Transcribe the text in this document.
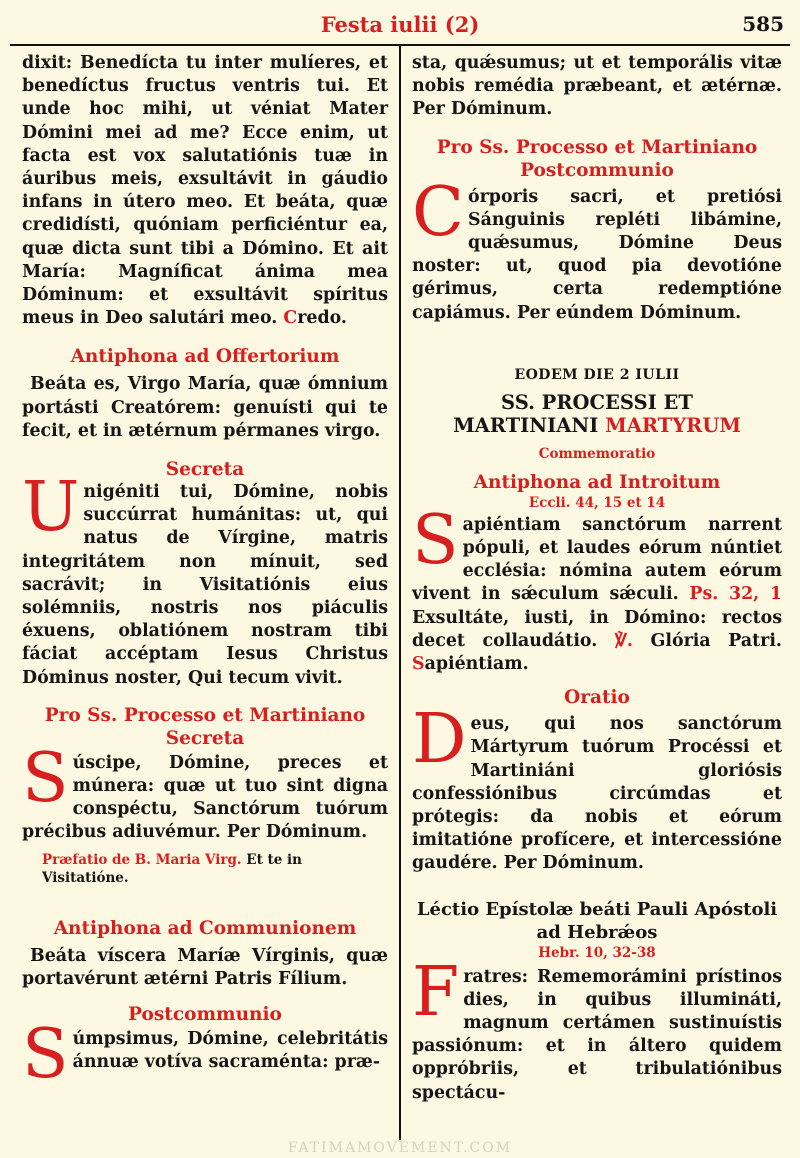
Festa iulii (2)	585

dixit: Benedícta tu inter mulíeres, et benedíctus fructus ventris tui. Et unde hoc mihi, ut véniat Mater Dómini mei ad me? Ecce enim, ut facta est vox salutatiónis tuæ in áuribus meis, exsultávit in gáudio infans in útero meo. Et beáta, quæ credidísti, quóniam perficiéntur ea, quæ dicta sunt tibi a Dómino. Et ait María: Magníficat ánima mea Dóminum: et exsultávit spíritus meus in Deo salutári meo. Credo.

Antiphona ad Offertorium

Beáta es, Virgo María, quæ ómnium portásti Creatórem: genuísti qui te fecit, et in ætérnum pérmanes virgo.

Secreta

Unigéniti tui, Dómine, nobis succúrrat humánitas: ut, qui natus de Vírgine, matris integritátem non mínuit, sed sacrávit; in Visitatiónis eius solémniis, nostris nos piáculis éxuens, oblatiónem nostram tibi fáciat accéptam Iesus Christus Dóminus noster, Qui tecum vivit.

Pro Ss. Processo et Martiniano
Secreta

Súscipe, Dómine, preces et múnera: quæ ut tuo sint digna conspéctu, Sanctórum tuórum précibus adiuvémur. Per Dóminum.

Præfatio de B. Maria Virg. Et te in Visitatióne.

Antiphona ad Communionem

Beáta víscera Maríæ Vírginis, quæ portavérunt ætérni Patris Fílium.

Postcommunio

Súmpsimus, Dómine, celebritátis ánnuæ votíva sacraménta: præ-

sta, quǽsumus; ut et temporális vitæ nobis remédia præbeant, et ætérnæ. Per Dóminum.

Pro Ss. Processo et Martiniano
Postcommunio

Córporis sacri, et pretiósi Sánguinis repléti libámine, quǽsumus, Dómine Deus noster: ut, quod pia devotióne gérimus, certa redemptióne capiámus. Per eúndem Dóminum.

EODEM DIE 2 IULII
SS. PROCESSI ET
MARTINIANI MARTYRUM
Commemoratio
Antiphona ad Introitum
Eccli. 44, 15 et 14

Sapiéntiam sanctórum narrent pópuli, et laudes eórum núntiet ecclésia: nómina autem eórum vivent in sǽculum sǽculi. Ps. 32, 1 Exsultáte, iusti, in Dómino: rectos decet collaudátio. ℣. Glória Patri. Sapiéntiam.

Oratio

Deus, qui nos sanctórum Mártyrum tuórum Procéssi et Martiniáni gloriósis confessiónibus circúmdas et prótegis: da nobis et eórum imitatióne profícere, et intercessióne gaudére. Per Dóminum.

Léctio Epístolæ beáti Pauli Apóstoli
ad Hebrǽos
Hebr. 10, 32-38

Fratres: Rememorámini prístinos dies, in quibus illumináti, magnum certámen sustinuístis passiónum: et in áltero quidem oppróbriis, et tribulatiónibus spectácu-

FATIMAMOVEMENT.COM
